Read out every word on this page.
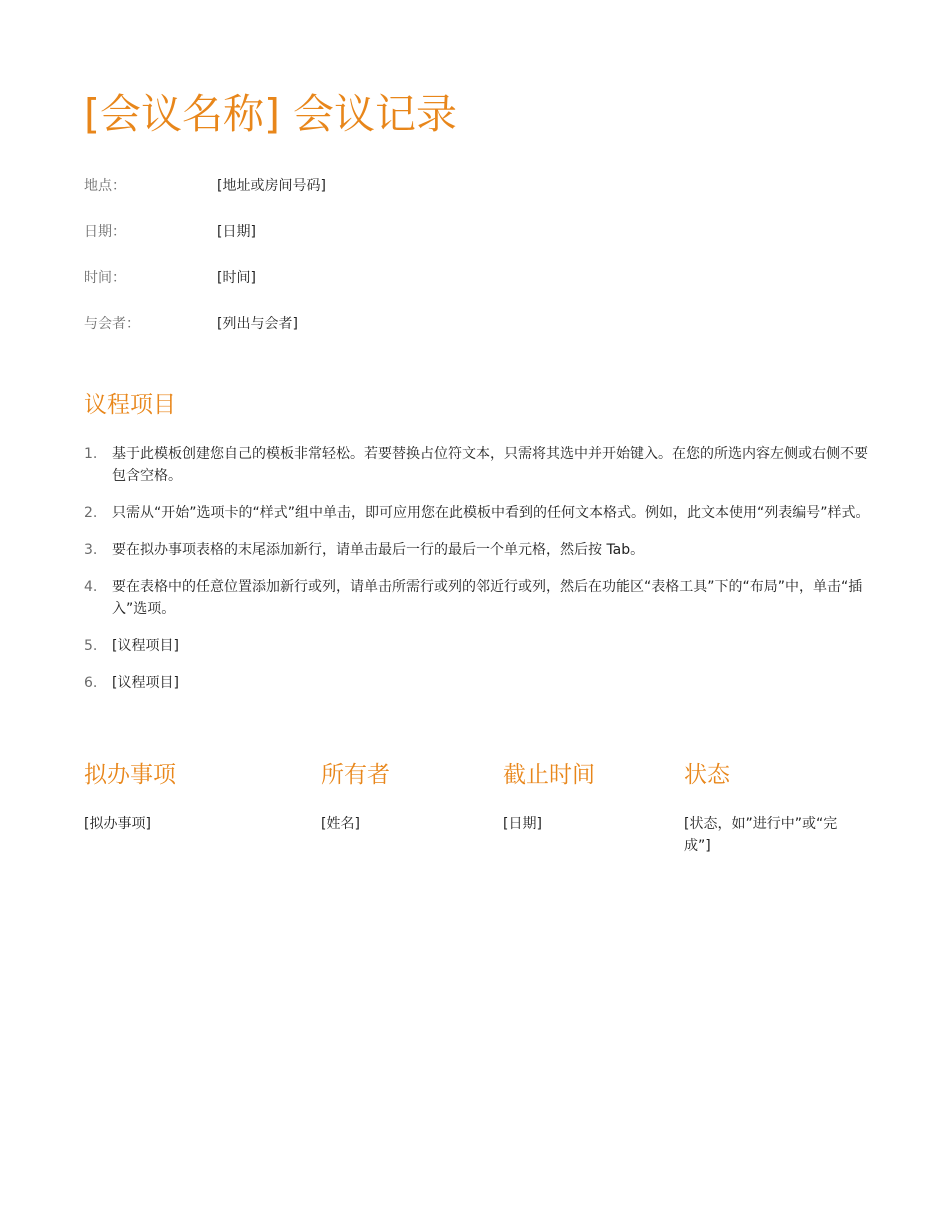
[会议名称] 会议记录
地点：	[地址或房间号码]
日期：	[日期]
时间：	[时间]
与会者：	[列出与会者]
议程项目
1. 基于此模板创建您自己的模板非常轻松。若要替换占位符文本，只需将其选中并开始键入。在您的所选内容左侧或右侧不要包含空格。
2. 只需从“开始”选项卡的“样式”组中单击，即可应用您在此模板中看到的任何文本格式。例如，此文本使用“列表编号”样式。
3. 要在拟办事项表格的末尾添加新行，请单击最后一行的最后一个单元格，然后按 Tab。
4. 要在表格中的任意位置添加新行或列，请单击所需行或列的邻近行或列，然后在功能区“表格工具”下的“布局”中，单击“插入”选项。
5. [议程项目]
6. [议程项目]
拟办事项	所有者	截止时间	状态
[拟办事项]	[姓名]	[日期]	[状态，如”进行中”或“完成”]
